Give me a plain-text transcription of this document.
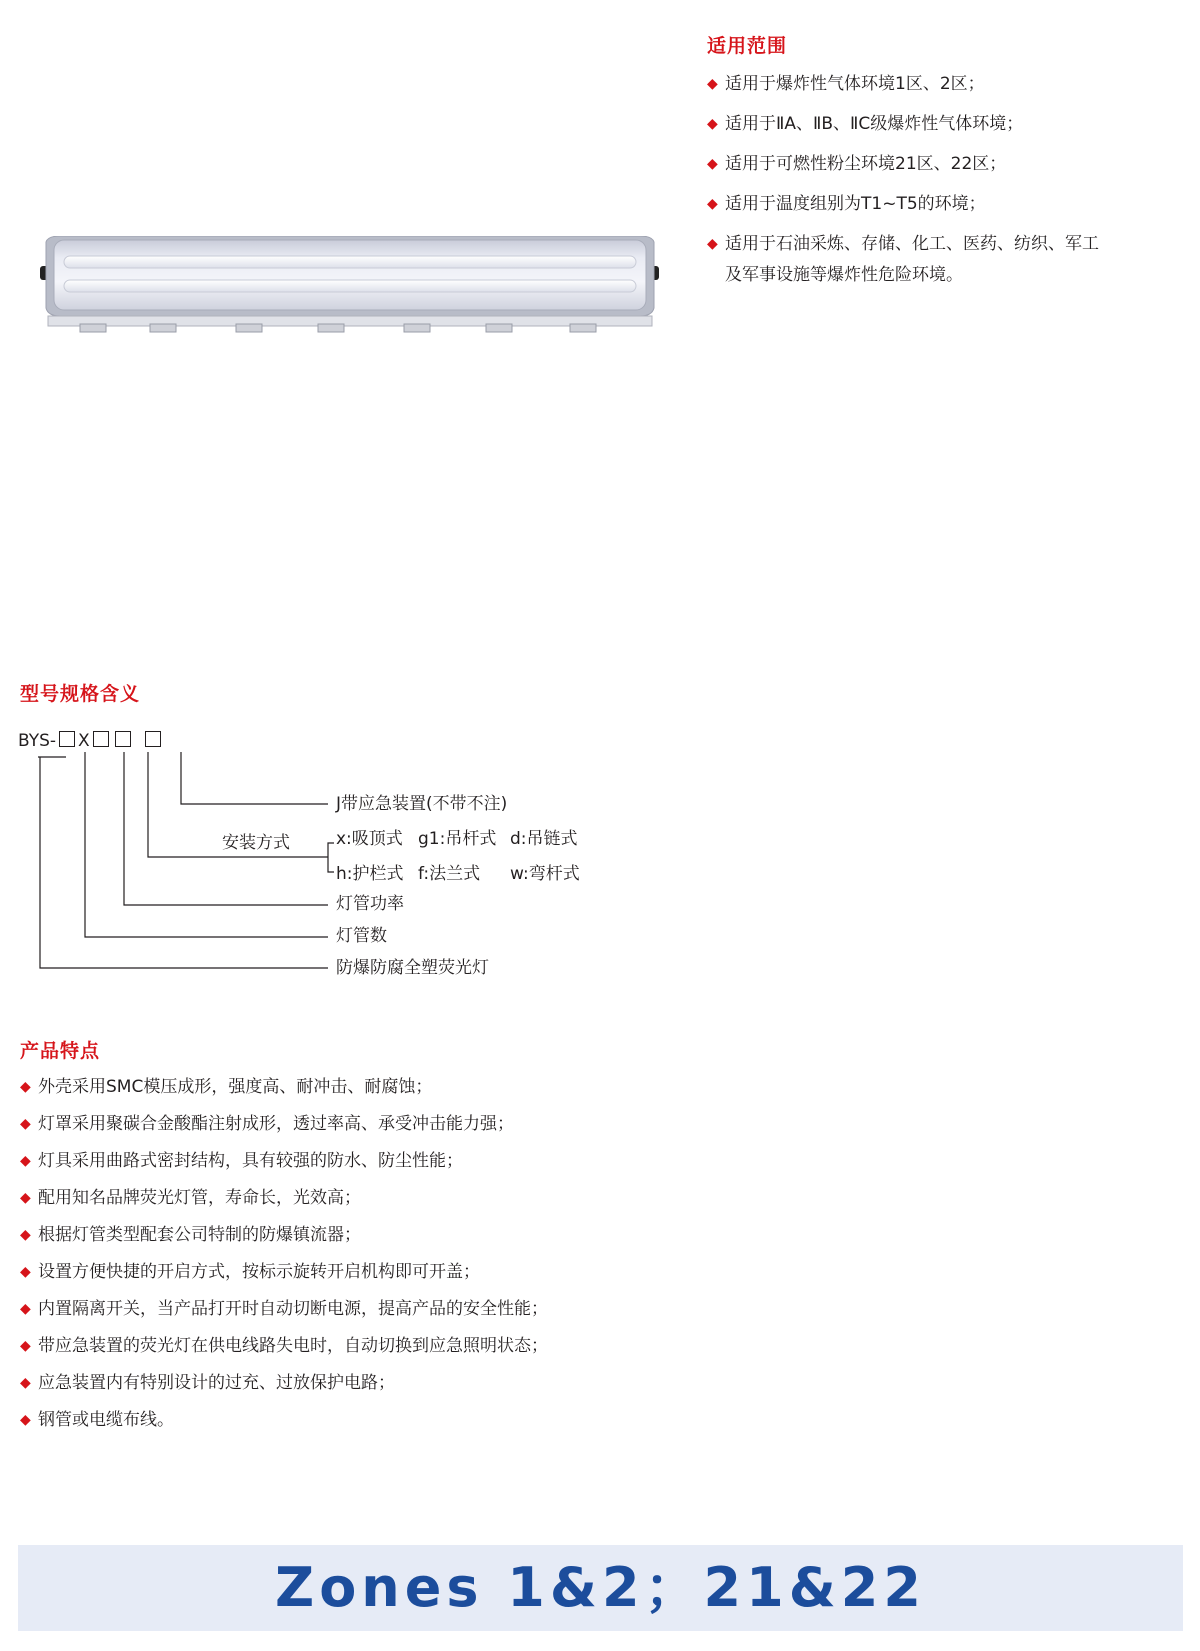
适用范围
◆ 适用于爆炸性气体环境1区、2区；
◆ 适用于ⅡA、ⅡB、ⅡC级爆炸性气体环境；
◆ 适用于可燃性粉尘环境21区、22区；
◆ 适用于温度组别为T1~T5的环境；
◆ 适用于石油采炼、存储、化工、医药、纺织、军工
及军事设施等爆炸性危险环境。
型号规格含义
BYS- X
J带应急装置(不带不注)
安装方式	x:吸顶式 g1:吊杆式 d:吊链式
h:护栏式 f:法兰式 w:弯杆式
灯管功率
灯管数
防爆防腐全塑荧光灯
产品特点
◆ 外壳采用SMC模压成形，强度高、耐冲击、耐腐蚀；
◆ 灯罩采用聚碳合金酸酯注射成形，透过率高、承受冲击能力强；
◆ 灯具采用曲路式密封结构，具有较强的防水、防尘性能；
◆ 配用知名品牌荧光灯管，寿命长，光效高；
◆ 根据灯管类型配套公司特制的防爆镇流器；
◆ 设置方便快捷的开启方式，按标示旋转开启机构即可开盖；
◆ 内置隔离开关，当产品打开时自动切断电源，提高产品的安全性能；
◆ 带应急装置的荧光灯在供电线路失电时，自动切换到应急照明状态；
◆ 应急装置内有特别设计的过充、过放保护电路；
◆ 钢管或电缆布线。
Zones 1&2；21&22
